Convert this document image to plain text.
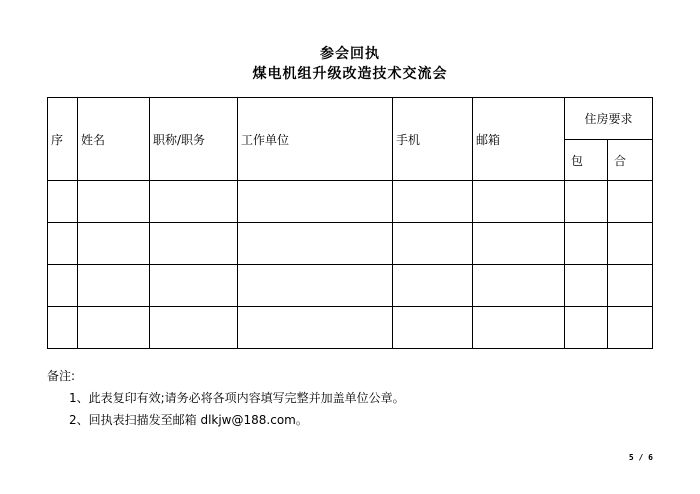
参会回执
煤电机组升级改造技术交流会
序	姓名	职称/职务	工作单位	手机	邮箱	住房要求	
						包	合

备注:
1、此表复印有效;请务必将各项内容填写完整并加盖单位公章。
2、回执表扫描发至邮箱 dlkjw@188.com。
5 / 6
